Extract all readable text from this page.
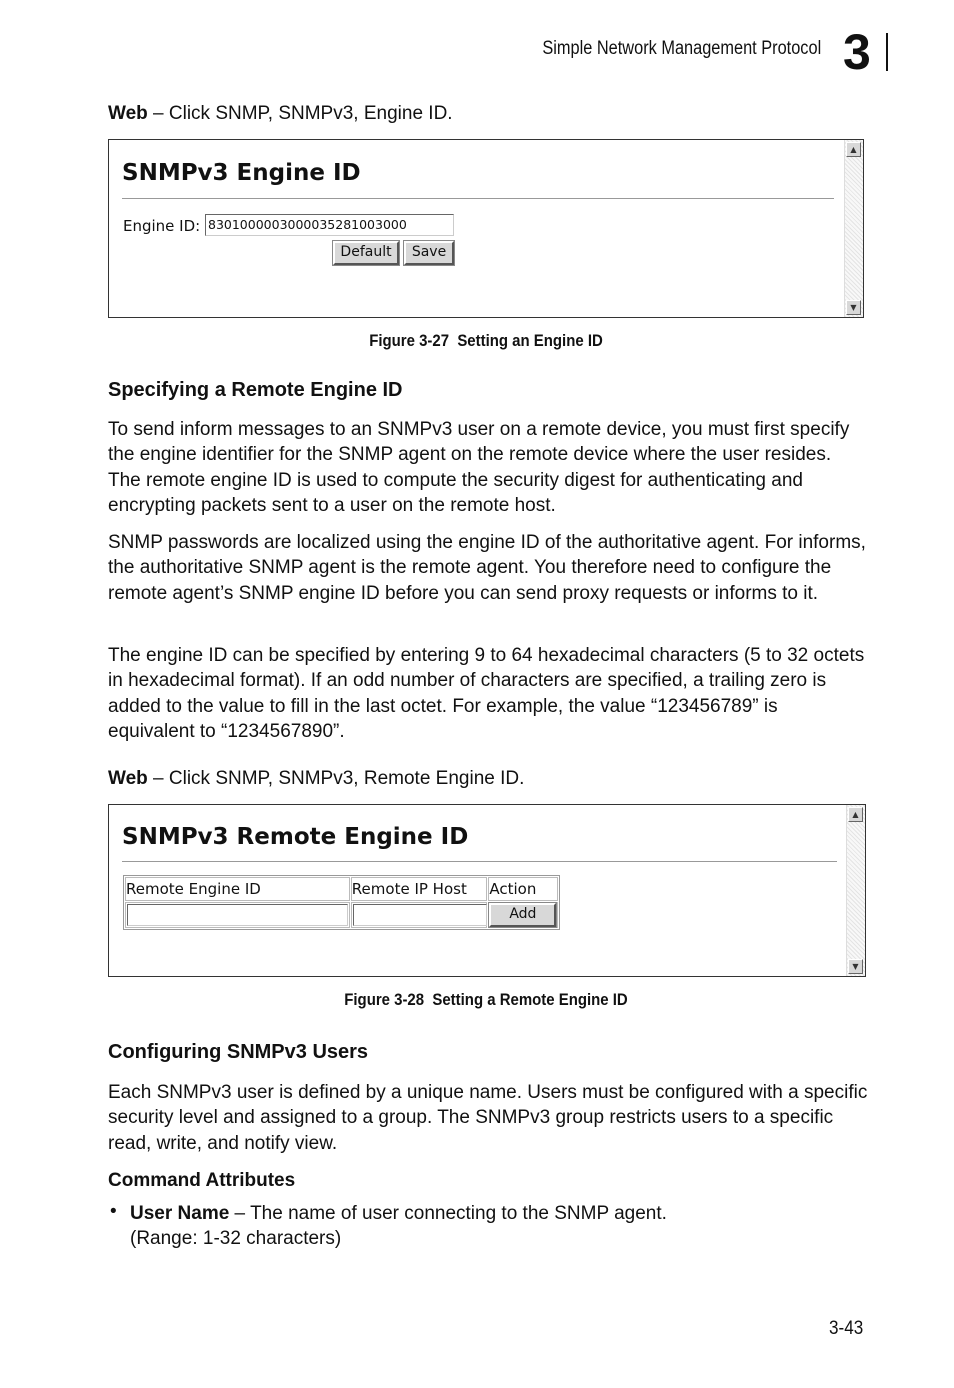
Simple Network Management Protocol 3

Web – Click SNMP, SNMPv3, Engine ID.

SNMPv3 Engine ID
Engine ID: 8301000003000035281003000
Default	Save
▲
▼
Figure 3-27  Setting an Engine ID
Specifying a Remote Engine ID

To send inform messages to an SNMPv3 user on a remote device, you must first specify the engine identifier for the SNMP agent on the remote device where the user resides. The remote engine ID is used to compute the security digest for authenticating and encrypting packets sent to a user on the remote host.

SNMP passwords are localized using the engine ID of the authoritative agent. For informs, the authoritative SNMP agent is the remote agent. You therefore need to configure the remote agent’s SNMP engine ID before you can send proxy requests or informs to it.

The engine ID can be specified by entering 9 to 64 hexadecimal characters (5 to 32 octets in hexadecimal format). If an odd number of characters are specified, a trailing zero is added to the value to fill in the last octet. For example, the value “123456789” is equivalent to “1234567890”.

Web – Click SNMP, SNMPv3, Remote Engine ID.

SNMPv3 Remote Engine ID
Remote Engine ID	Remote IP Host	Action

		Add
▲
▼
Figure 3-28  Setting a Remote Engine ID
Configuring SNMPv3 Users

Each SNMPv3 user is defined by a unique name. Users must be configured with a specific security level and assigned to a group. The SNMPv3 group restricts users to a specific read, write, and notify view.

Command Attributes
• User Name – The name of user connecting to the SNMP agent.
(Range: 1-32 characters)

3-43
